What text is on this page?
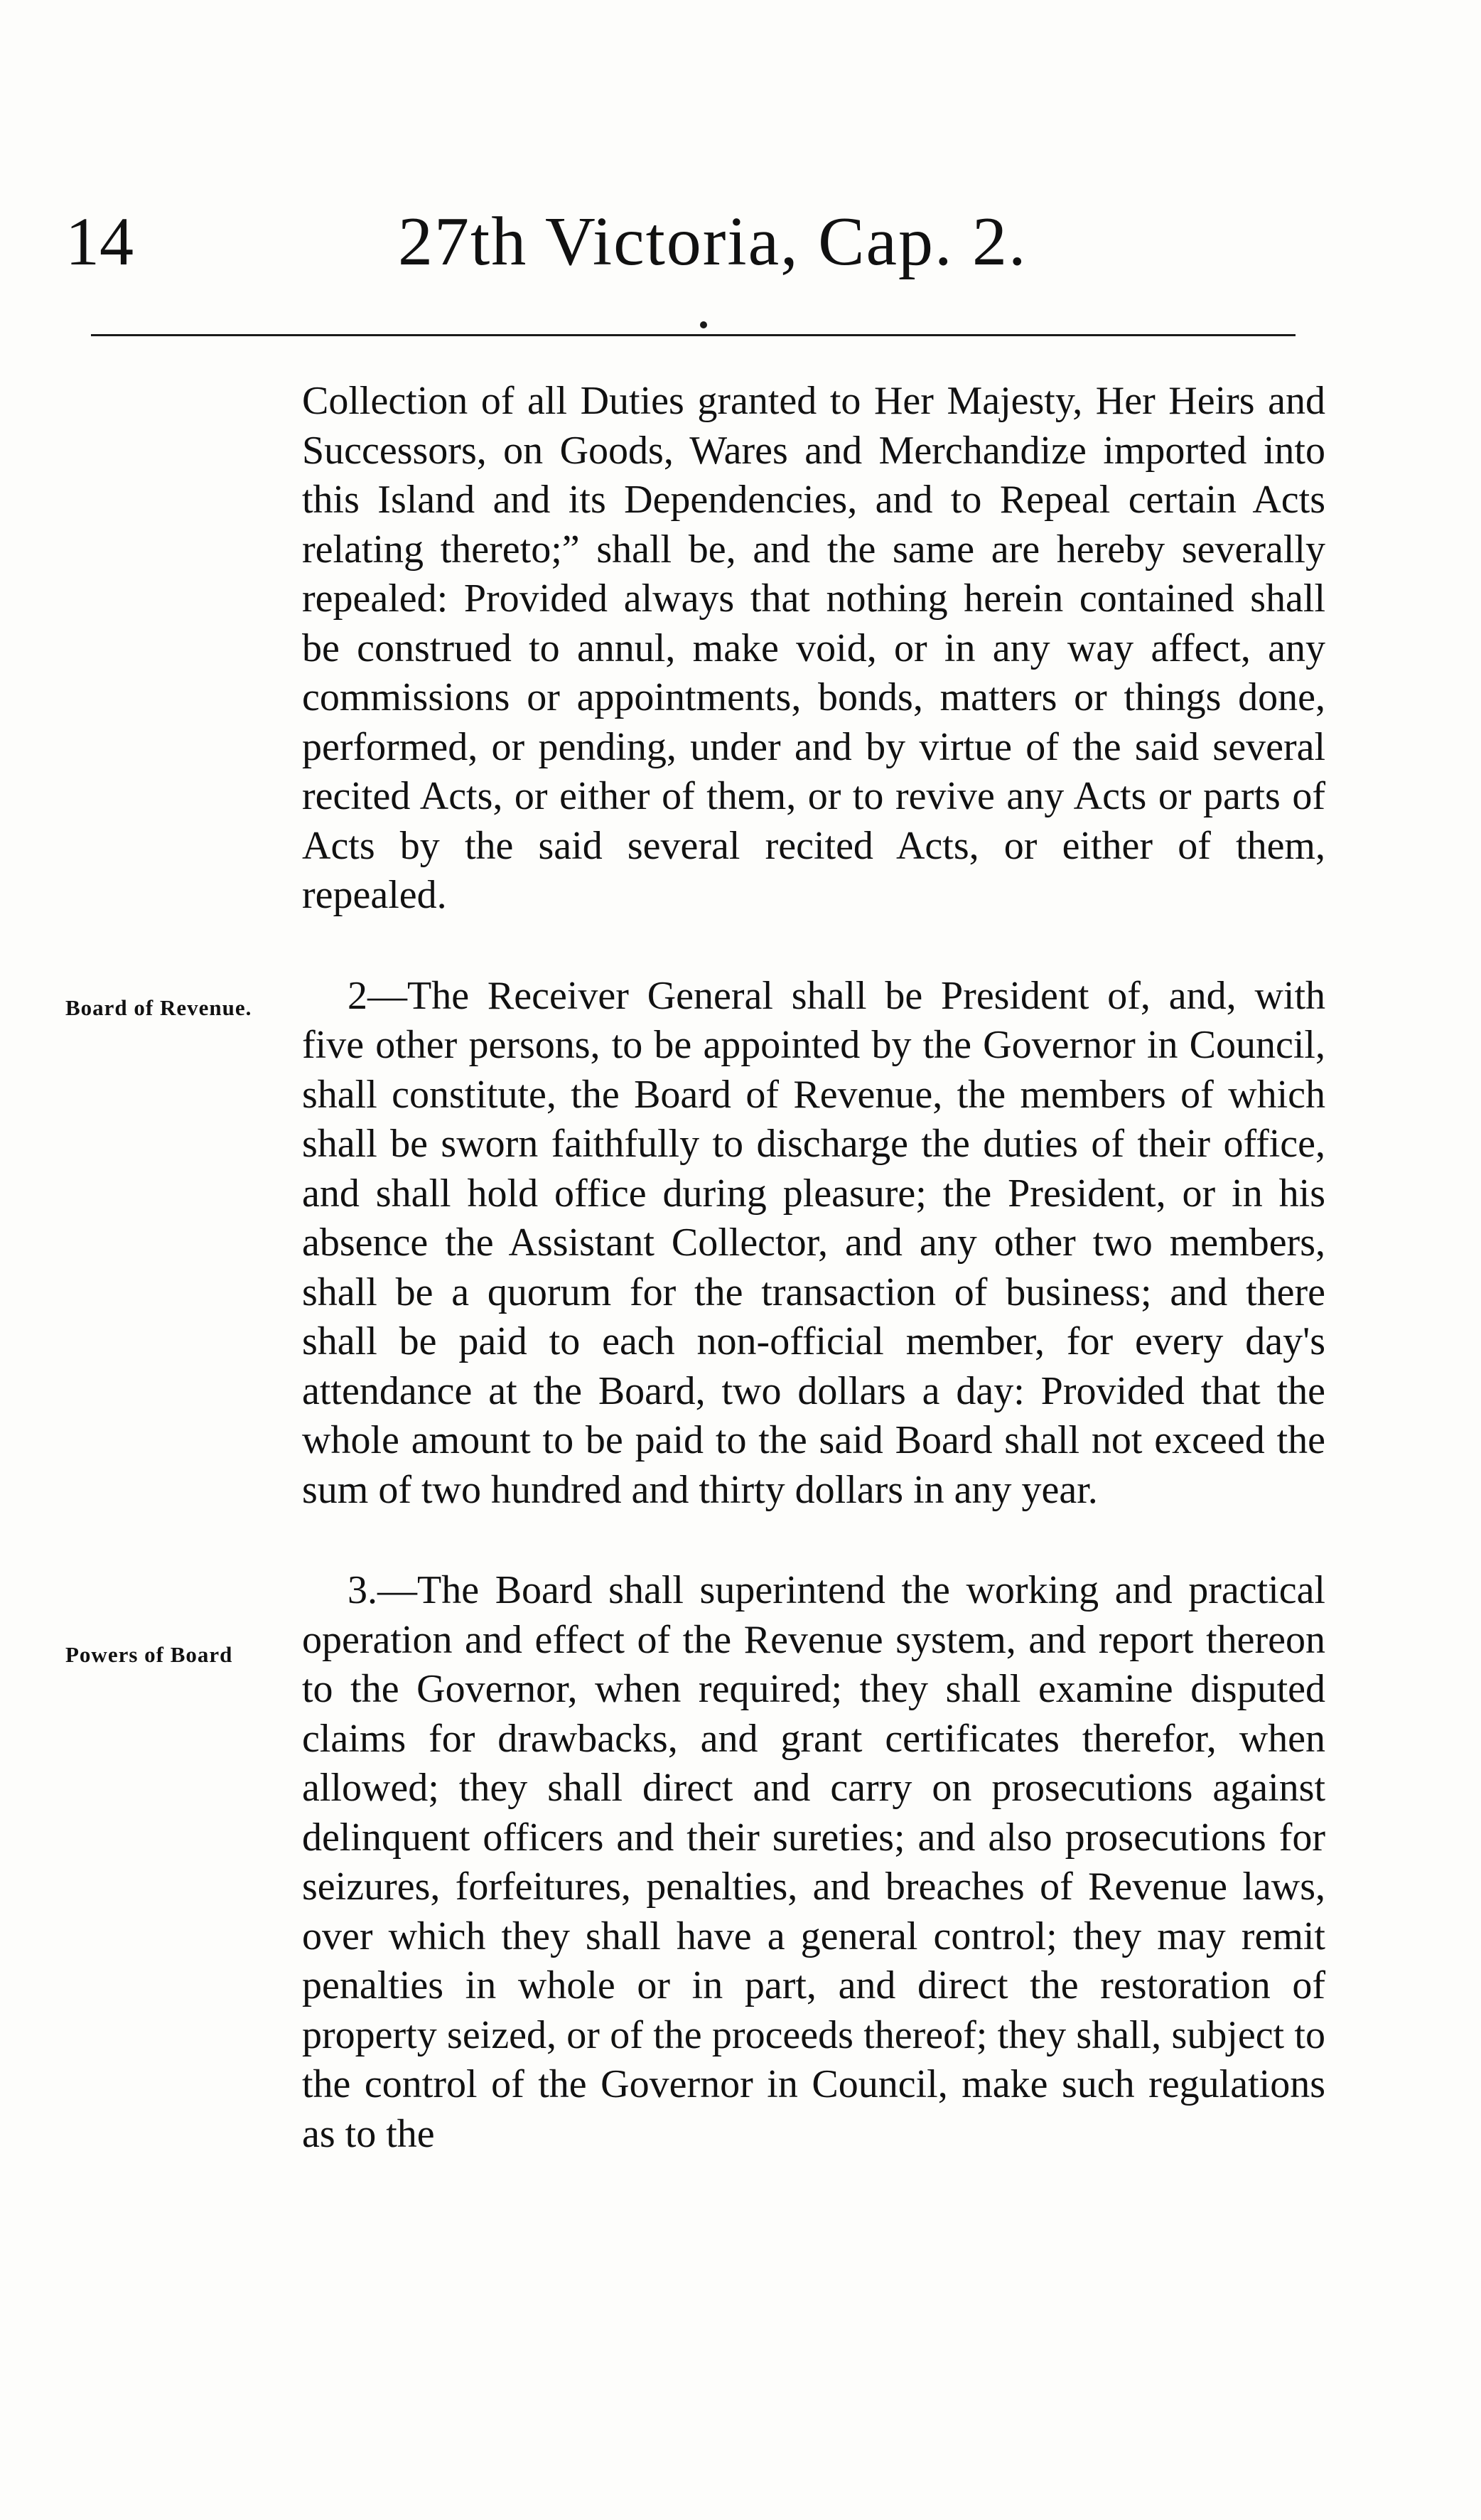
14	27th Victoria, Cap. 2.
Board of Revenue.
Powers of Board

Collection of all Duties granted to Her Majesty, Her Heirs and Successors, on Goods, Wares and Merchandize imported into this Island and its Dependencies, and to Repeal certain Acts relating thereto;” shall be, and the same are hereby severally repealed: Provided always that nothing herein contained shall be construed to annul, make void, or in any way affect, any commissions or appointments, bonds, matters or things done, performed, or pending, under and by virtue of the said several recited Acts, or either of them, or to revive any Acts or parts of Acts by the said several recited Acts, or either of them, repealed.

2—The Receiver General shall be President of, and, with five other persons, to be appointed by the Governor in Council, shall constitute, the Board of Revenue, the members of which shall be sworn faithfully to discharge the duties of their office, and shall hold office during pleasure; the President, or in his absence the Assistant Collector, and any other two members, shall be a quorum for the transaction of business; and there shall be paid to each non-official member, for every day's attendance at the Board, two dollars a day: Provided that the whole amount to be paid to the said Board shall not exceed the sum of two hundred and thirty dollars in any year.

3.—The Board shall superintend the working and practical operation and effect of the Revenue system, and report thereon to the Governor, when required; they shall examine disputed claims for drawbacks, and grant certificates therefor, when allowed; they shall direct and carry on prosecutions against delinquent officers and their sureties; and also prosecutions for seizures, forfeitures, penalties, and breaches of Revenue laws, over which they shall have a general control; they may remit penalties in whole or in part, and direct the restoration of property seized, or of the proceeds thereof; they shall, subject to the control of the Governor in Council, make such regulations as to the
